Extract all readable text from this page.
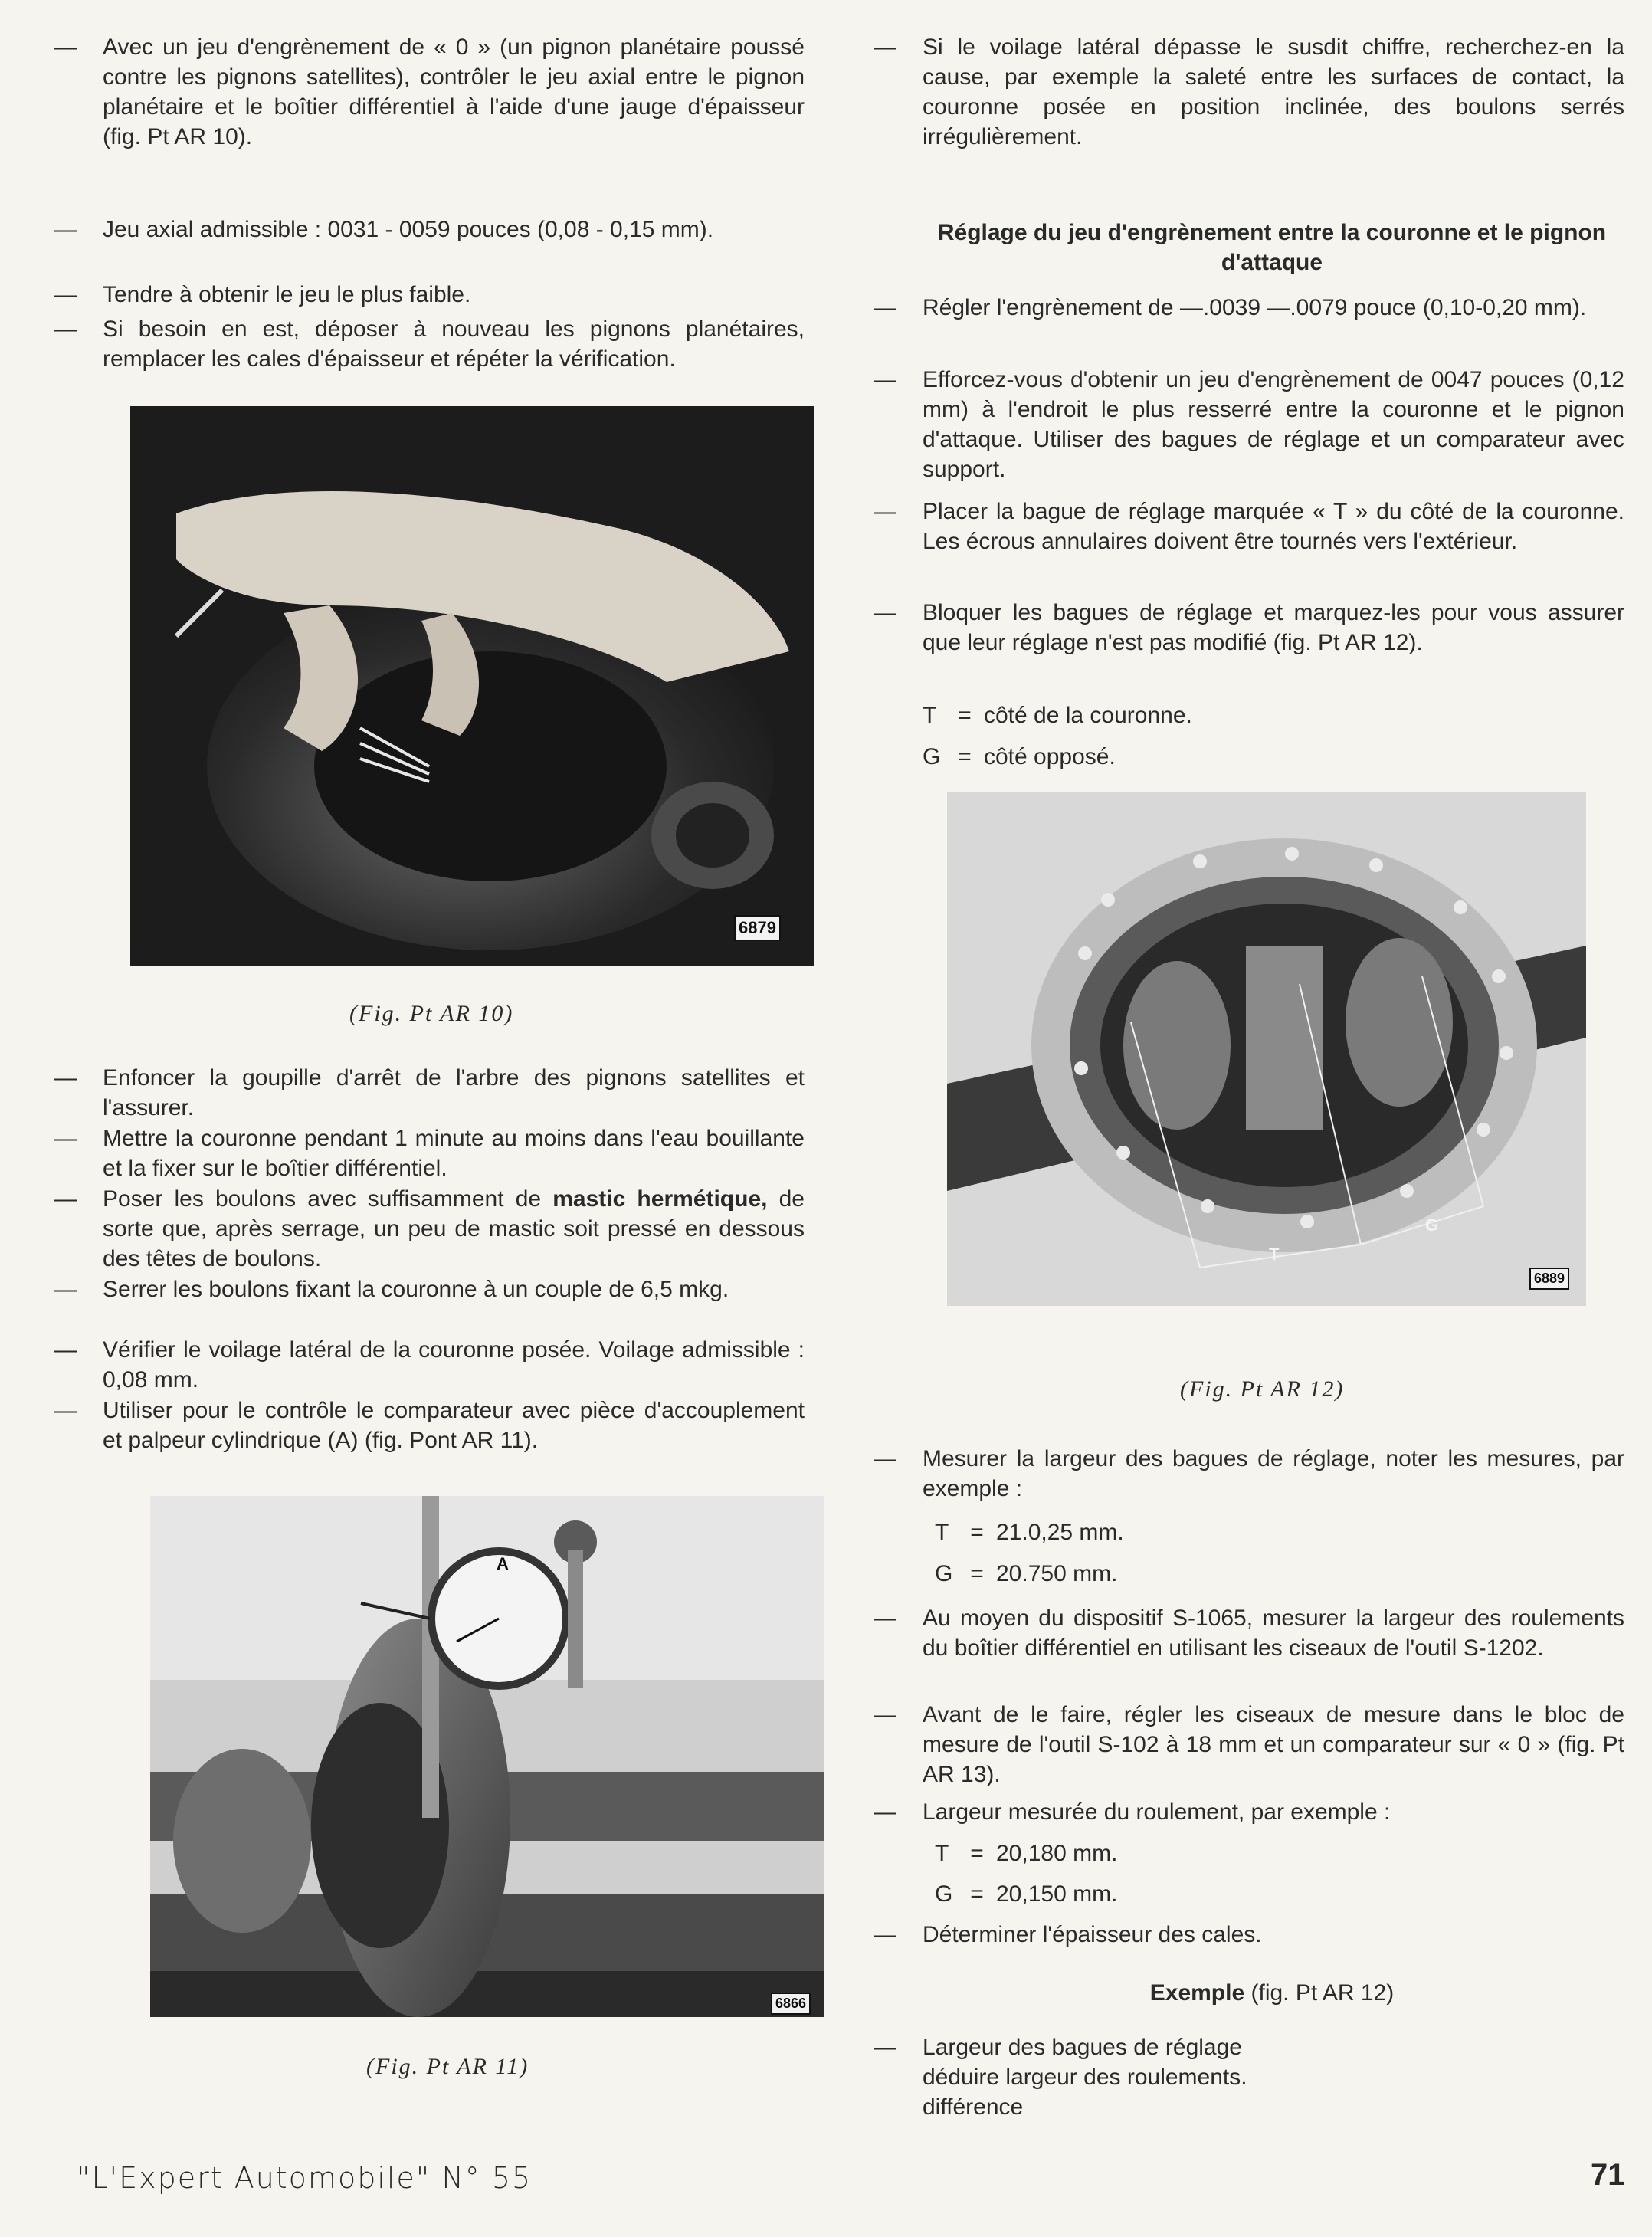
—	Avec un jeu d'engrènement de « 0 » (un pignon planétaire poussé contre les pignons satellites), contrôler le jeu axial entre le pignon planétaire et le boîtier différentiel à l'aide d'une jauge d'épaisseur (fig. Pt AR 10).
—	Jeu axial admissible : 0031 - 0059 pouces (0,08 - 0,15 mm).
—	Tendre à obtenir le jeu le plus faible.
—	Si besoin en est, déposer à nouveau les pignons planétaires, remplacer les cales d'épaisseur et répéter la vérification.
6879
(Fig. Pt AR 10)
—	Enfoncer la goupille d'arrêt de l'arbre des pignons satellites et l'assurer.
—	Mettre la couronne pendant 1 minute au moins dans l'eau bouillante et la fixer sur le boîtier différentiel.
—	Poser les boulons avec suffisamment de mastic hermétique, de sorte que, après serrage, un peu de mastic soit pressé en dessous des têtes de boulons.
—	Serrer les boulons fixant la couronne à un couple de 6,5 mkg.
—	Vérifier le voilage latéral de la couronne posée. Voilage admissible : 0,08 mm.
—	Utiliser pour le contrôle le comparateur avec pièce d'accouplement et palpeur cylindrique (A) (fig. Pont AR 11).
A
6866
(Fig. Pt AR 11)
—	Si le voilage latéral dépasse le susdit chiffre, recherchez-en la cause, par exemple la saleté entre les surfaces de contact, la couronne posée en position inclinée, des boulons serrés irrégulièrement.
Réglage du jeu d'engrènement entre la couronne et le pignon d'attaque
—	Régler l'engrènement de —.0039 —.0079 pouce (0,10-0,20 mm).
—	Efforcez-vous d'obtenir un jeu d'engrènement de 0047 pouces (0,12 mm) à l'endroit le plus resserré entre la couronne et le pignon d'attaque. Utiliser des bagues de réglage et un comparateur avec support.
—	Placer la bague de réglage marquée « T » du côté de la couronne. Les écrous annulaires doivent être tournés vers l'extérieur.
—	Bloquer les bagues de réglage et marquez-les pour vous assurer que leur réglage n'est pas modifié (fig. Pt AR 12).
T = côté de la couronne.
G = côté opposé.
T
G
6889
(Fig. Pt AR 12)
—	Mesurer la largeur des bagues de réglage, noter les mesures, par exemple :
T = 21.0,25 mm.
G = 20.750 mm.
—	Au moyen du dispositif S-1065, mesurer la largeur des roulements du boîtier différentiel en utilisant les ciseaux de l'outil S-1202.
—	Avant de le faire, régler les ciseaux de mesure dans le bloc de mesure de l'outil S-102 à 18 mm et un comparateur sur « 0 » (fig. Pt AR 13).
—	Largeur mesurée du roulement, par exemple :
T = 20,180 mm.
G = 20,150 mm.
—	Déterminer l'épaisseur des cales.
Exemple (fig. Pt AR 12)
—	Largeur des bagues de réglage
déduire largeur des roulements.
différence
"L'Expert Automobile" N° 55	71
